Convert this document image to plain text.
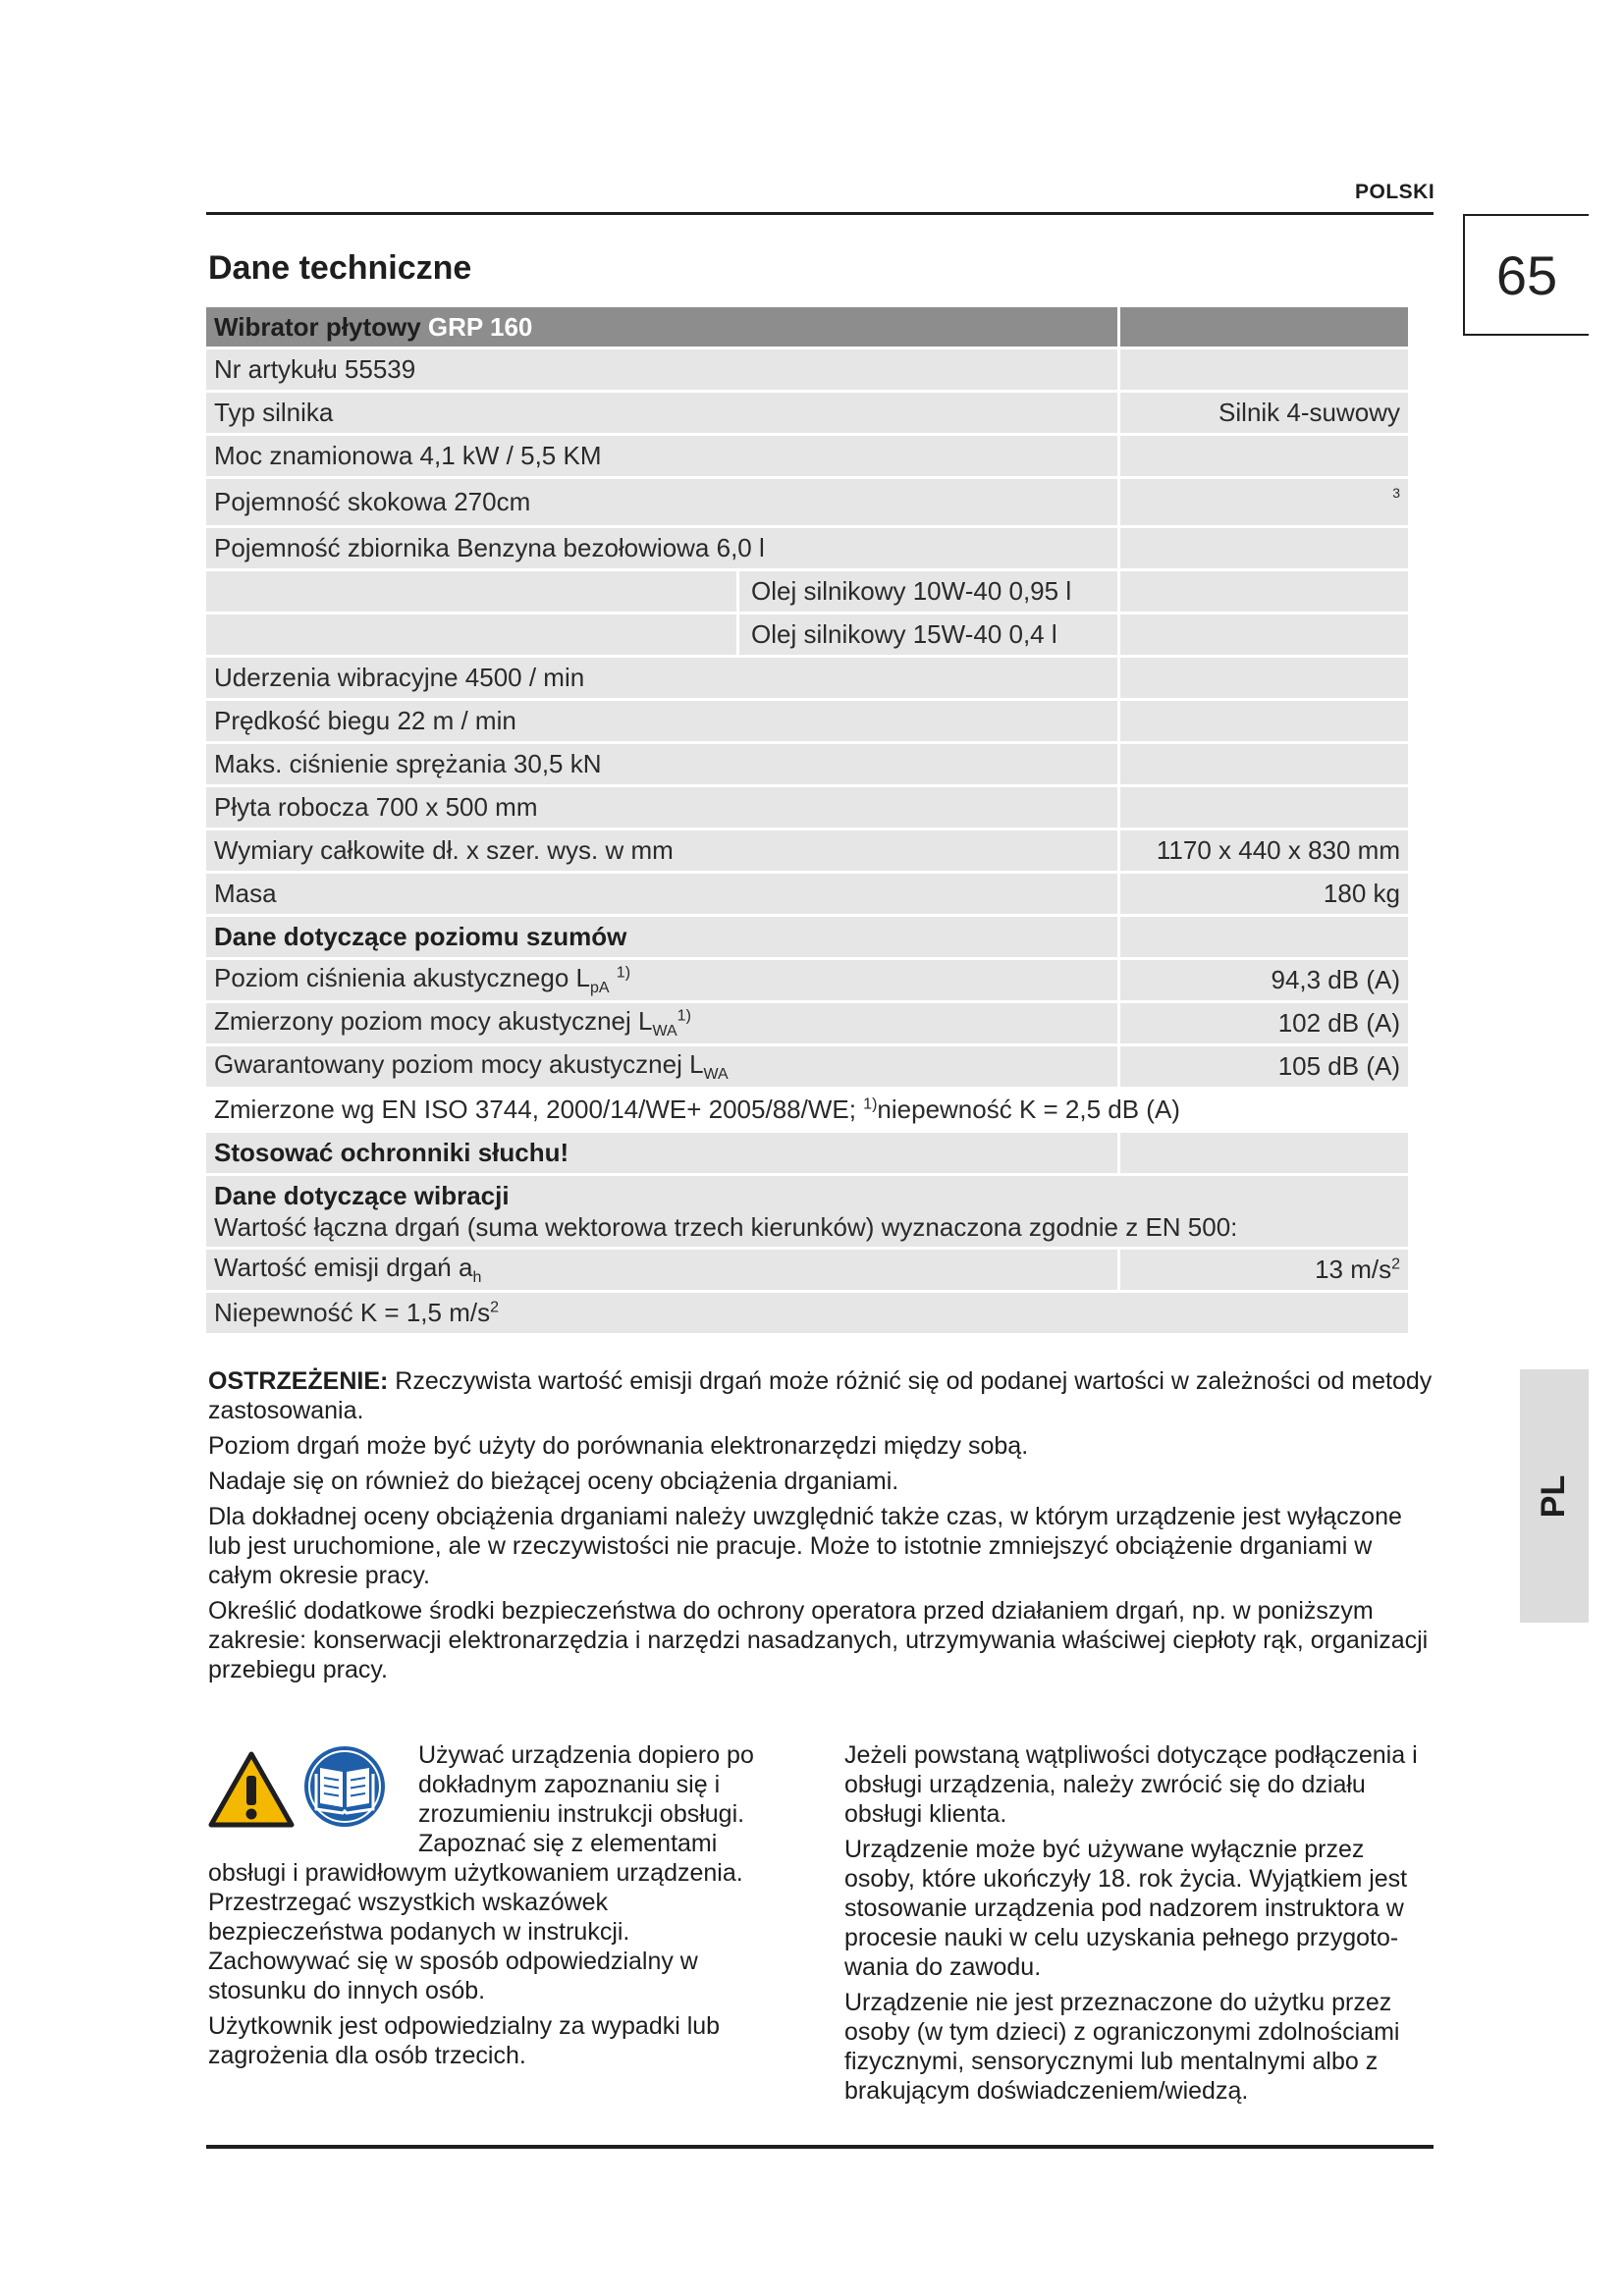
POLSKI
65
PL
Dane techniczne
Wibrator płytowy GRP 160	
Nr artykułu 55539	
Typ silnika	Silnik 4-suwowy
Moc znamionowa 4,1 kW / 5,5 KM	
Pojemność skokowa 270cm	3
Pojemność zbiornika Benzyna bezołowiowa 6,0 l	

Olej silnikowy 10W-40 0,95 l	

Olej silnikowy 15W-40 0,4 l	

Uderzenia wibracyjne 4500 / min	
Prędkość biegu 22 m / min	
Maks. ciśnienie sprężania 30,5 kN	
Płyta robocza 700 x 500 mm	
Wymiary całkowite dł. x szer. wys. w mm	1170 x 440 x 830 mm
Masa	180 kg
Dane dotyczące poziomu szumów	
Poziom ciśnienia akustycznego $L_{pA}$ $^{1)}$	94,3 dB (A)
Zmierzony poziom mocy akustycznej $L_{WA}^{1)}$	102 dB (A)
Gwarantowany poziom mocy akustycznej $L_{WA}$	105 dB (A)
Zmierzone wg EN ISO 3744, 2000/14/WE+ 2005/88/WE; $^{1)}$niepewność K = 2,5 dB (A)	
Stosować ochronniki słuchu!	

Dane dotyczące wibracji
Wartość łączna drgań (suma wektorowa trzech kierunków) wyznaczona zgodnie z EN 500:	

Wartość emisji drgań $a_h$	13 $m/s^2$
Niepewność K = 1,5 $m/s^2$

OSTRZEŻENIE: Rzeczywista wartość emisji drgań może różnić się od podanej wartości w zależności od metody zastosowania.

Poziom drgań może być użyty do porównania elektronarzędzi między sobą.

Nadaje się on również do bieżącej oceny obciążenia drganiami.

Dla dokładnej oceny obciążenia drganiami należy uwzględnić także czas, w którym urządzenie jest wyłączone lub jest uruchomione, ale w rzeczywistości nie pracuje. Może to istotnie zmniejszyć obciążenie drganiami w całym okresie pracy.

Określić dodatkowe środki bezpieczeństwa do ochrony operatora przed działaniem drgań, np. w poniższym zakresie: konserwacji elektronarzędzia i narzędzi nasadzanych, utrzymywania właściwej ciepłoty rąk, organizacji przebiegu pracy.

Używać urządzenia dopiero po dokładnym zapoznaniu się i zrozumieniu instrukcji obsługi. Zapoznać się z elementami obsługi i prawidłowym użytkowaniem urządzenia. Przestrzegać wszystkich wskazówek bezpieczeństwa podanych w instrukcji. Zachowywać się w sposób odpowiedzialny w stosunku do innych osób.

Użytkownik jest odpowiedzialny za wypadki lub zagrożenia dla osób trzecich.

Jeżeli powstaną wątpliwości dotyczące podłączenia i obsługi urządzenia, należy zwrócić się do działu obsługi klienta.

Urządzenie może być używane wyłącznie przez osoby, które ukończyły 18. rok życia. Wyjątkiem jest stosowanie urządzenia pod nadzorem instruktora w procesie nauki w celu uzyskania pełnego przygoto-wania do zawodu.

Urządzenie nie jest przeznaczone do użytku przez osoby (w tym dzieci) z ograniczonymi zdolnościami fizycznymi, sensorycznymi lub mentalnymi albo z brakującym doświadczeniem/wiedzą.
